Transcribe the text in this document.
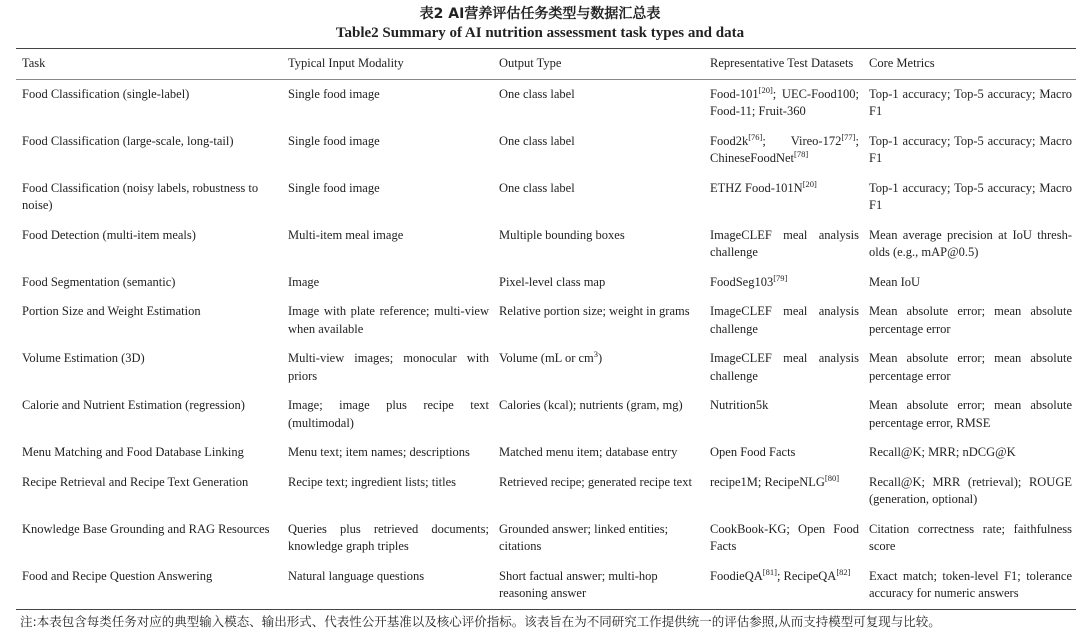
表2 AI营养评估任务类型与数据汇总表
Table2 Summary of AI nutrition assessment task types and data
Task	Typical Input Modality	Output Type	Representative Test Datasets	Core Metrics
Food Classification (single-label)	Single food image	One class label	Food-101[20]; UEC-Food100; Food-11; Fruit-360	Top-1 accuracy; Top-5 accuracy; Macro F1
Food Classification (large-scale, long-tail)	Single food image	One class label	Food2k[76]; Vireo-172[77]; ChineseFoodNet[78]	Top-1 accuracy; Top-5 accuracy; Macro F1
Food Classification (noisy labels, robustness to noise)	Single food image	One class label	ETHZ Food-101N[20]	Top-1 accuracy; Top-5 accuracy; Macro F1
Food Detection (multi-item meals)	Multi-item meal image	Multiple bounding boxes	ImageCLEF meal analysis challenge	Mean average precision at IoU thresh-olds (e.g., mAP@0.5)
Food Segmentation (semantic)	Image	Pixel-level class map	FoodSeg103[79]	Mean IoU
Portion Size and Weight Estimation	Image with plate reference; multi-view when available	Relative portion size; weight in grams	ImageCLEF meal analysis challenge	Mean absolute error; mean absolute percentage error
Volume Estimation (3D)	Multi-view images; monocular with priors	Volume (mL or $cm^3$)	ImageCLEF meal analysis challenge	Mean absolute error; mean absolute percentage error
Calorie and Nutrient Estimation (regression)	Image; image plus recipe text (multimodal)	Calories (kcal); nutrients (gram, mg)	Nutrition5k	Mean absolute error; mean absolute percentage error, RMSE
Menu Matching and Food Database Linking	Menu text; item names; descriptions	Matched menu item; database entry	Open Food Facts	Recall@K; MRR; nDCG@K
Recipe Retrieval and Recipe Text Generation	Recipe text; ingredient lists; titles	Retrieved recipe; generated recipe text	recipe1M; RecipeNLG[80]	Recall@K; MRR (retrieval); ROUGE (generation, optional)
Knowledge Base Grounding and RAG Resources	Queries plus retrieved documents; knowledge graph triples	Grounded answer; linked entities; citations	CookBook-KG; Open Food Facts	Citation correctness rate; faithfulness score
Food and Recipe Question Answering	Natural language questions	Short factual answer; multi-hop reasoning answer	FoodieQA[81]; RecipeQA[82]	Exact match; token-level F1; tolerance accuracy for numeric answers
注:本表包含每类任务对应的典型输入模态、输出形式、代表性公开基准以及核心评价指标。该表旨在为不同研究工作提供统一的评估参照,从而支持模型可复现与比较。
